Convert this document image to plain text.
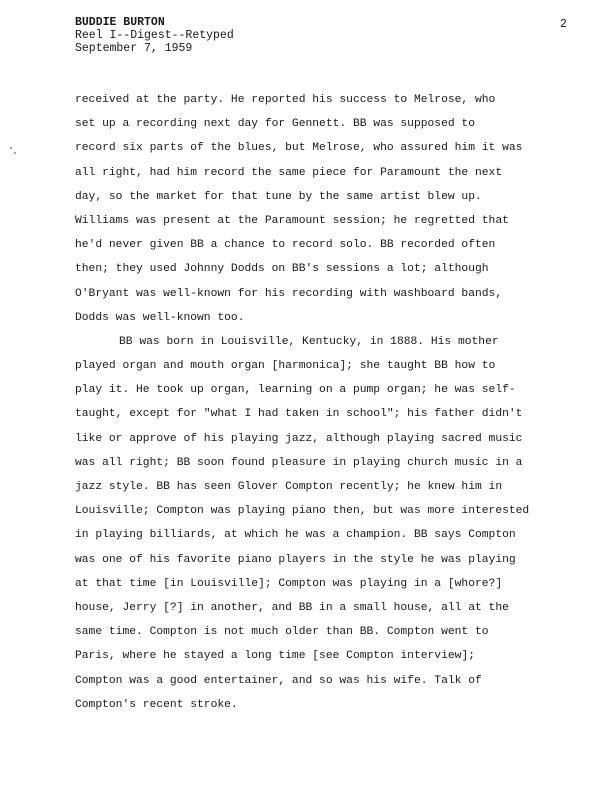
BUDDIE BURTON
Reel I--Digest--Retyped
September 7, 1959
2
received at the party. He reported his success to Melrose, who
set up a recording next day for Gennett. BB was supposed to
record six parts of the blues, but Melrose, who assured him it was
all right, had him record the same piece for Paramount the next
day, so the market for that tune by the same artist blew up.
Williams was present at the Paramount session; he regretted that
he'd never given BB a chance to record solo. BB recorded often
then; they used Johnny Dodds on BB's sessions a lot; although
O'Bryant was well-known for his recording with washboard bands,
Dodds was well-known too.
BB was born in Louisville, Kentucky, in 1888. His mother
played organ and mouth organ [harmonica]; she taught BB how to
play it. He took up organ, learning on a pump organ; he was self-
taught, except for "what I had taken in school"; his father didn't
like or approve of his playing jazz, although playing sacred music
was all right; BB soon found pleasure in playing church music in a
jazz style. BB has seen Glover Compton recently; he knew him in
Louisville; Compton was playing piano then, but was more interested
in playing billiards, at which he was a champion. BB says Compton
was one of his favorite piano players in the style he was playing
at that time [in Louisville]; Compton was playing in a [whore?]
house, Jerry [?] in another, and BB in a small house, all at the
same time. Compton is not much older than BB. Compton went to
Paris, where he stayed a long time [see Compton interview];
Compton was a good entertainer, and so was his wife. Talk of
Compton's recent stroke.
